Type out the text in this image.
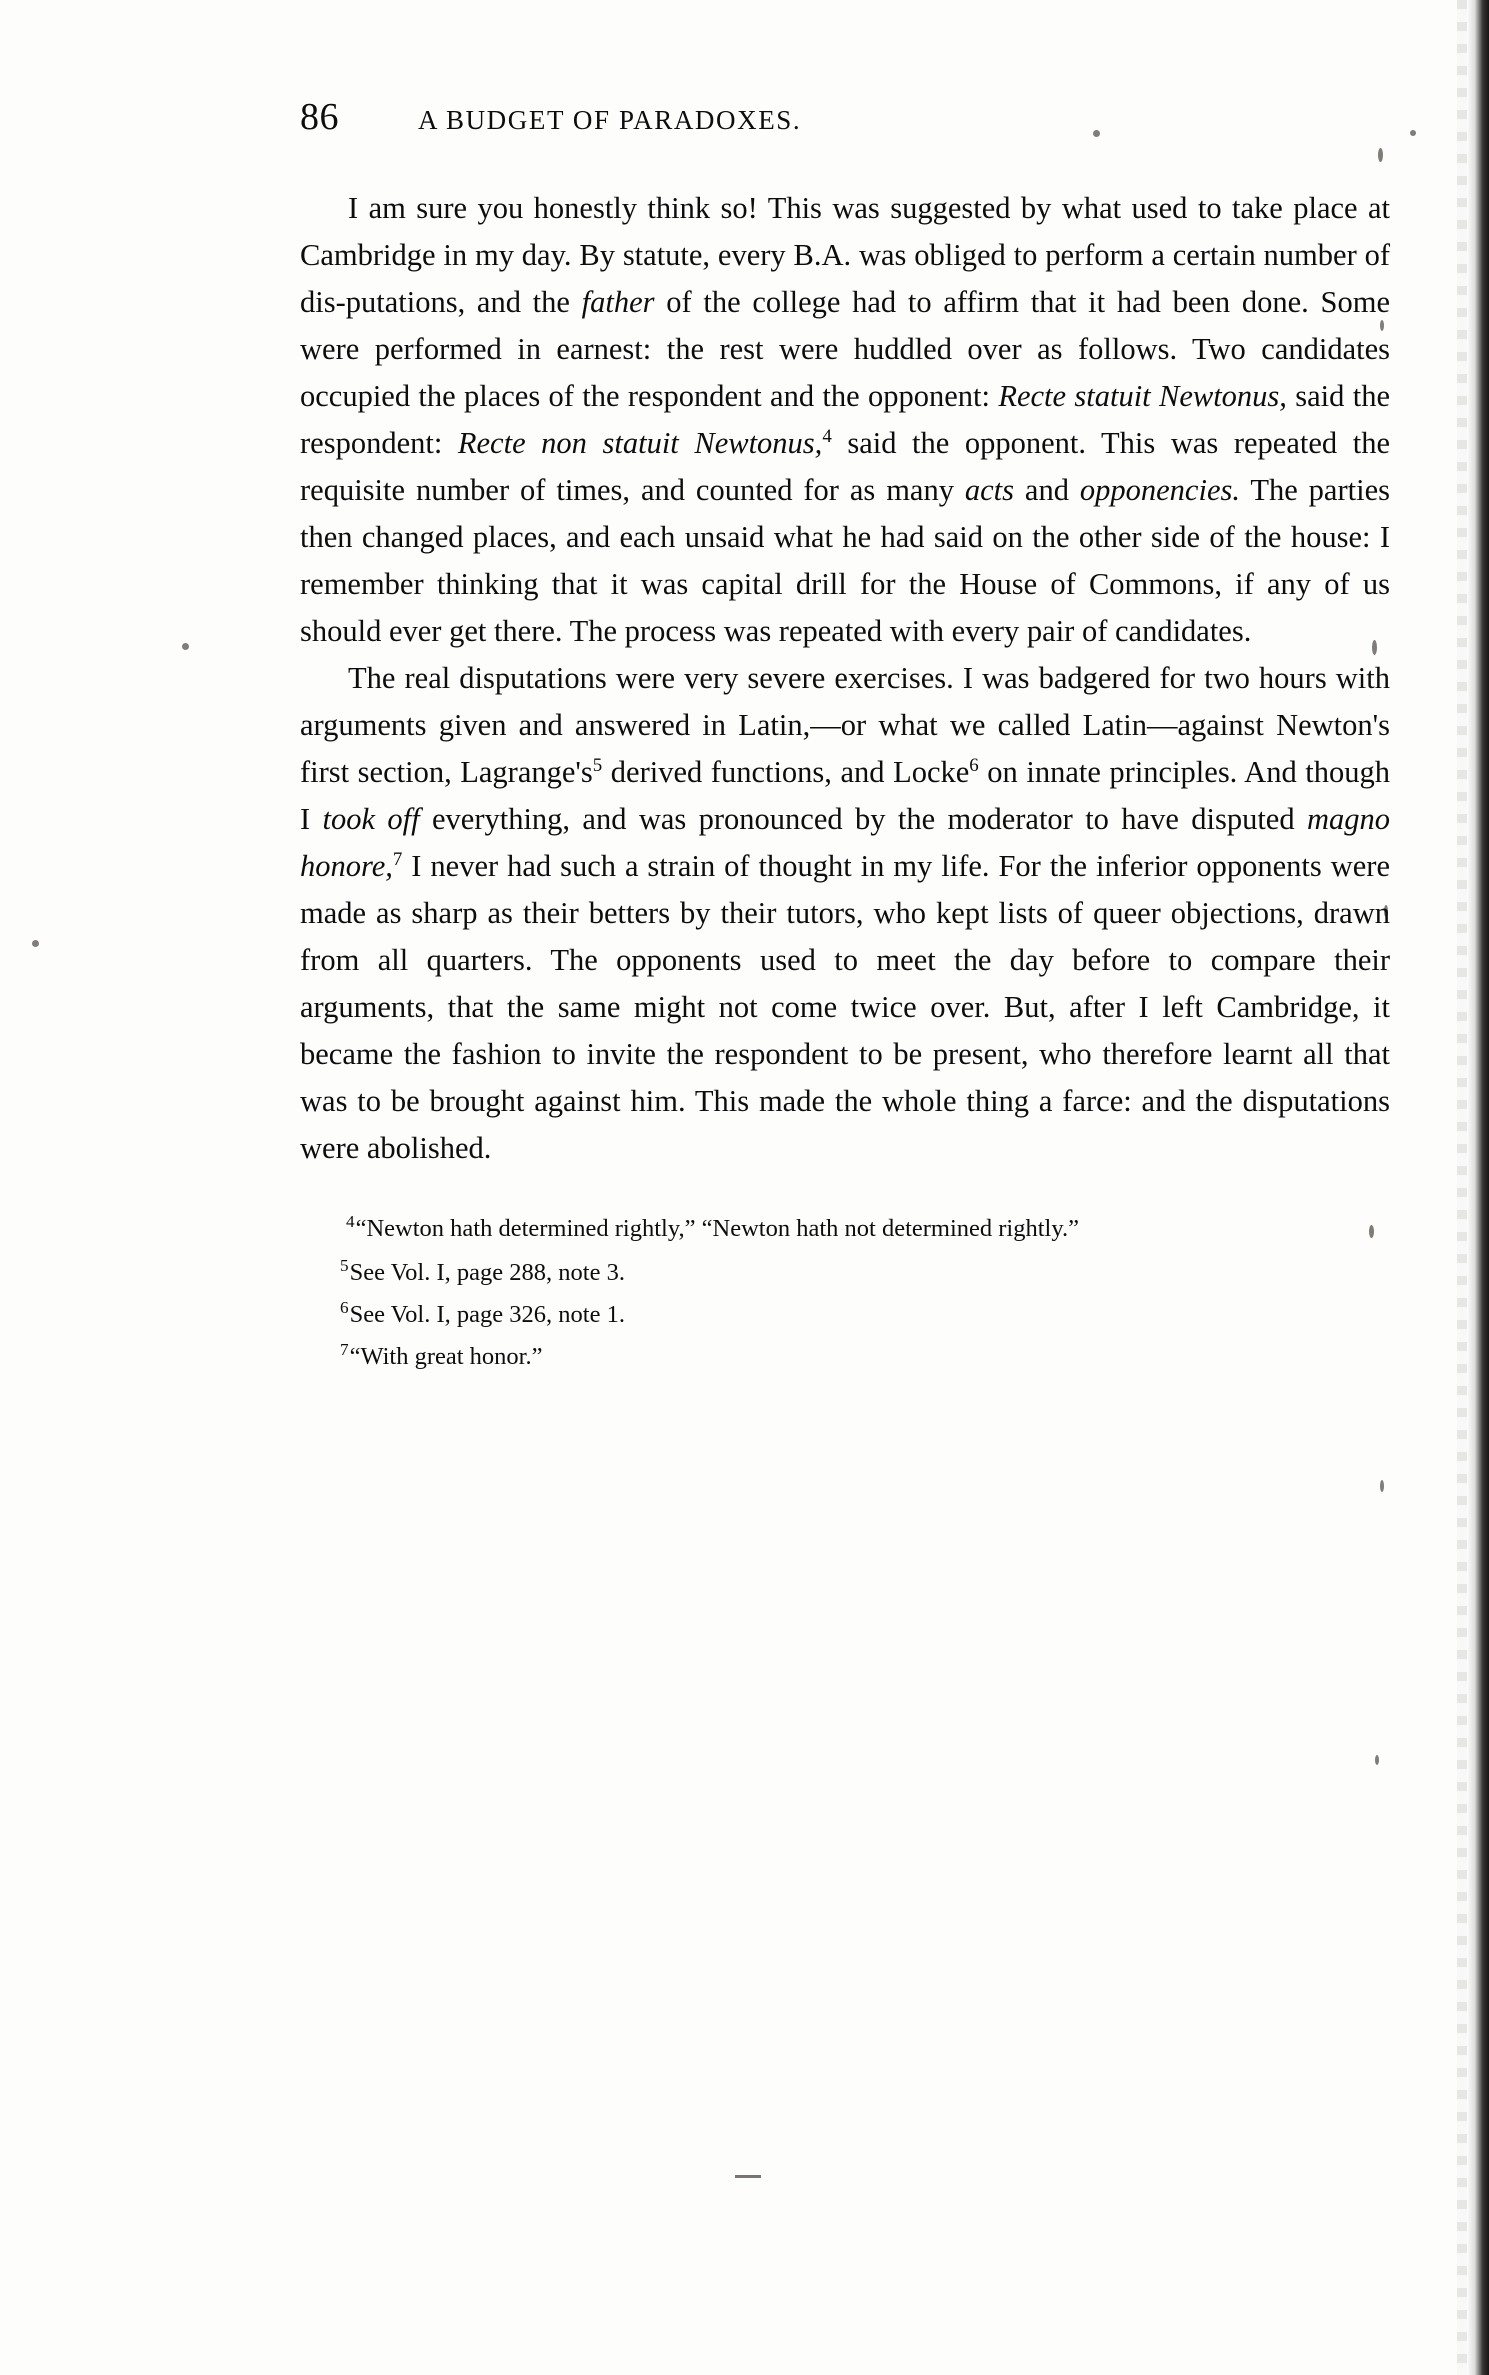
86	A BUDGET OF PARADOXES.

I am sure you honestly think so! This was suggested by what used to take place at Cambridge in my day. By statute, every B.A. was obliged to perform a certain number of dis-putations, and the father of the college had to affirm that it had been done. Some were performed in earnest: the rest were huddled over as follows. Two candidates occupied the places of the respondent and the opponent: Recte statuit Newtonus, said the respondent: Recte non statuit Newtonus,$^4$ said the opponent. This was repeated the requisite number of times, and counted for as many acts and opponencies. The parties then changed places, and each unsaid what he had said on the other side of the house: I remember thinking that it was capital drill for the House of Commons, if any of us should ever get there. The process was repeated with every pair of candidates.

The real disputations were very severe exercises. I was badgered for two hours with arguments given and answered in Latin,—or what we called Latin—against Newton's first section, $Lagrange's^5$ derived functions, and Locke$^6$ on innate principles. And though I took off everything, and was pronounced by the moderator to have disputed magno honore,$^7$ I never had such a strain of thought in my life. For the inferior opponents were made as sharp as their betters by their tutors, who kept lists of queer objections, drawn from all quarters. The opponents used to meet the day before to compare their arguments, that the same might not come twice over. But, after I left Cambridge, it became the fashion to invite the respondent to be present, who therefore learnt all that was to be brought against him. This made the whole thing a farce: and the disputations were abolished.

$^4$“Newton hath determined rightly,” “Newton hath not determined rightly.”

$^5$See Vol. I, page 288, note 3.

$^6$See Vol. I, page 326, note 1.

$^7$“With great honor.”
